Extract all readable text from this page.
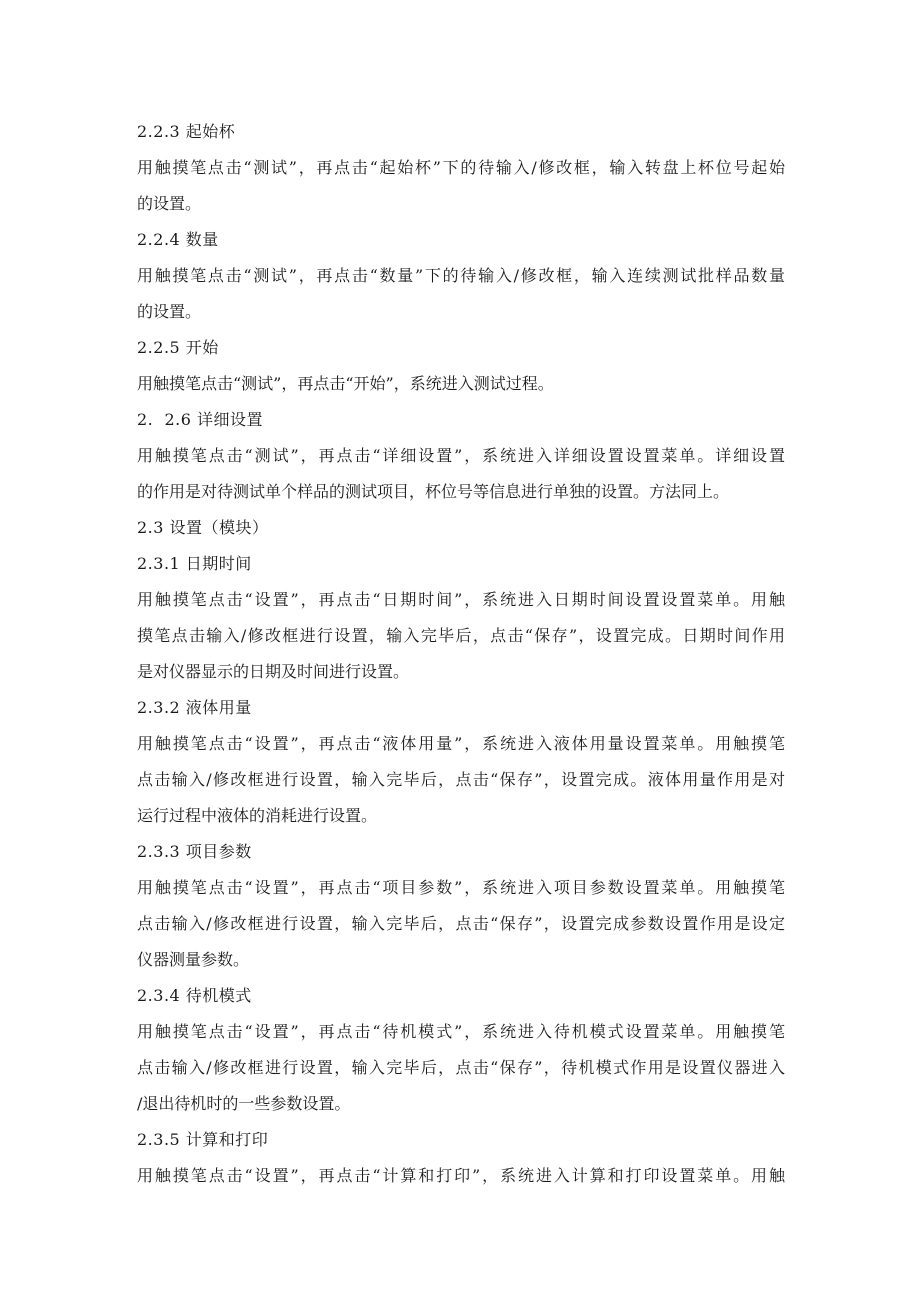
2.2.3 起始杯
用触摸笔点击“测试”，再点击“起始杯”下的待输入/修改框，输入转盘上杯位号起始
的设置。
2.2.4 数量
用触摸笔点击“测试”，再点击“数量”下的待输入/修改框，输入连续测试批样品数量
的设置。
2.2.5 开始
用触摸笔点击“测试”，再点击“开始”，系统进入测试过程。
2.  2.6 详细设置
用触摸笔点击“测试”，再点击“详细设置”，系统进入详细设置设置菜单。详细设置
的作用是对待测试单个样品的测试项目，杯位号等信息进行单独的设置。方法同上。
2.3 设置（模块）
2.3.1 日期时间
用触摸笔点击“设置”，再点击“日期时间”，系统进入日期时间设置设置菜单。用触
摸笔点击输入/修改框进行设置，输入完毕后，点击“保存”，设置完成。日期时间作用
是对仪器显示的日期及时间进行设置。
2.3.2 液体用量
用触摸笔点击“设置”，再点击“液体用量”，系统进入液体用量设置菜单。用触摸笔
点击输入/修改框进行设置，输入完毕后，点击“保存”，设置完成。液体用量作用是对
运行过程中液体的消耗进行设置。
2.3.3 项目参数
用触摸笔点击“设置”，再点击“项目参数”，系统进入项目参数设置菜单。用触摸笔
点击输入/修改框进行设置，输入完毕后，点击“保存”，设置完成参数设置作用是设定
仪器测量参数。
2.3.4 待机模式
用触摸笔点击“设置”，再点击“待机模式”，系统进入待机模式设置菜单。用触摸笔
点击输入/修改框进行设置，输入完毕后，点击“保存”，待机模式作用是设置仪器进入
/退出待机时的一些参数设置。
2.3.5 计算和打印
用触摸笔点击“设置”，再点击“计算和打印”，系统进入计算和打印设置菜单。用触
